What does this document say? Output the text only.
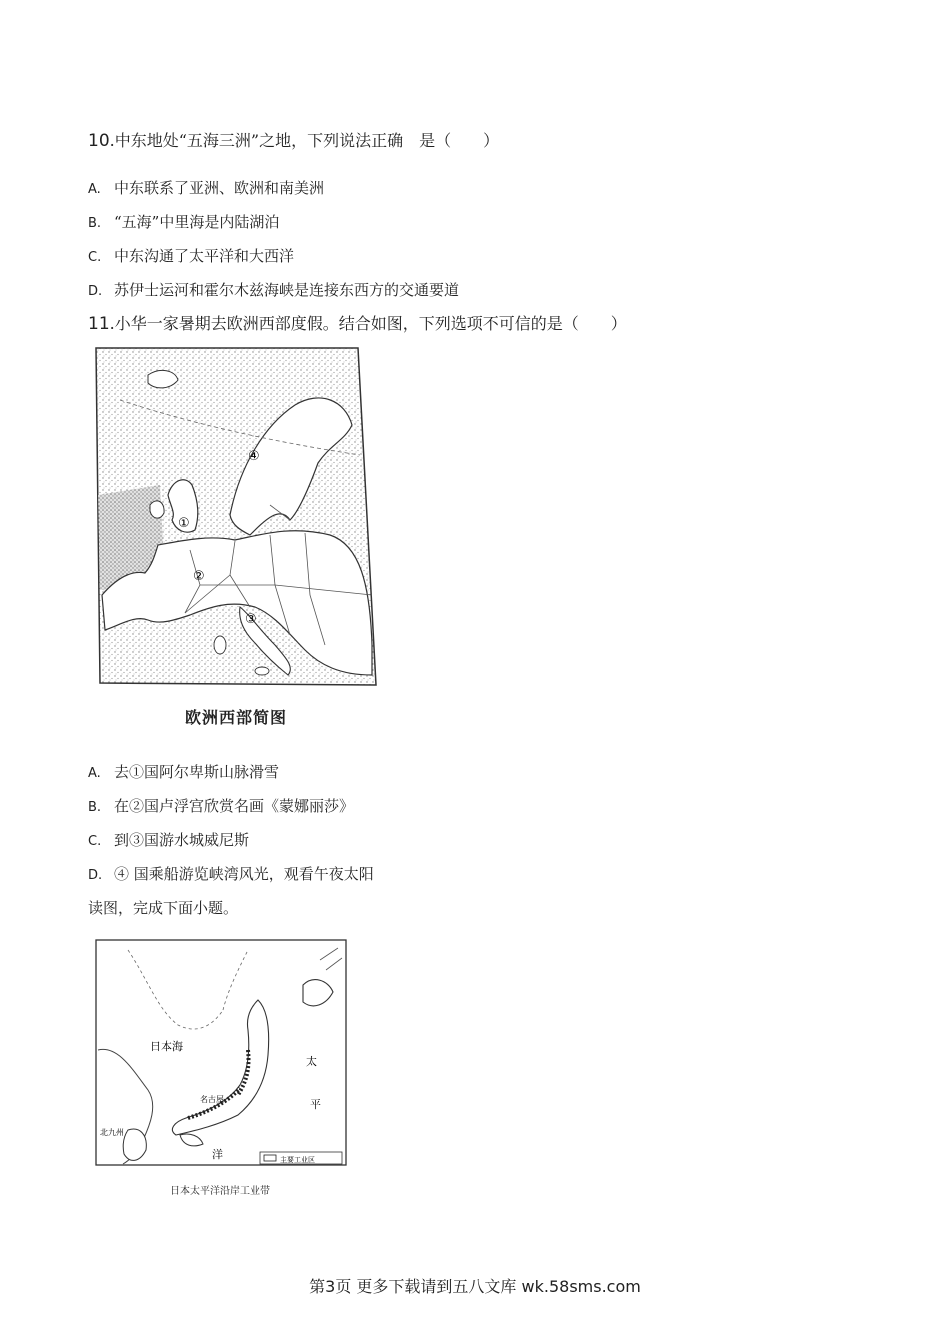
10.中东地处“五海三洲”之地，下列说法正确　是（　　）
A. 中东联系了亚洲、欧洲和南美洲
B. “五海”中里海是内陆湖泊
C. 中东沟通了太平洋和大西洋
D. 苏伊士运河和霍尔木兹海峡是连接东西方的交通要道
11.小华一家暑期去欧洲西部度假。结合如图，下列选项不可信的是（　　）
④
①
②
③
欧洲西部简图
A. 去①国阿尔卑斯山脉滑雪
B. 在②国卢浮宫欣赏名画《蒙娜丽莎》
C. 到③国游水城威尼斯
D. ④ 国乘船游览峡湾风光，观看午夜太阳
读图，完成下面小题。
日本海
太
平
洋
名古屋
北九州
主要工业区
日本太平洋沿岸工业带
第3页 更多下载请到五八文库 wk.58sms.com
